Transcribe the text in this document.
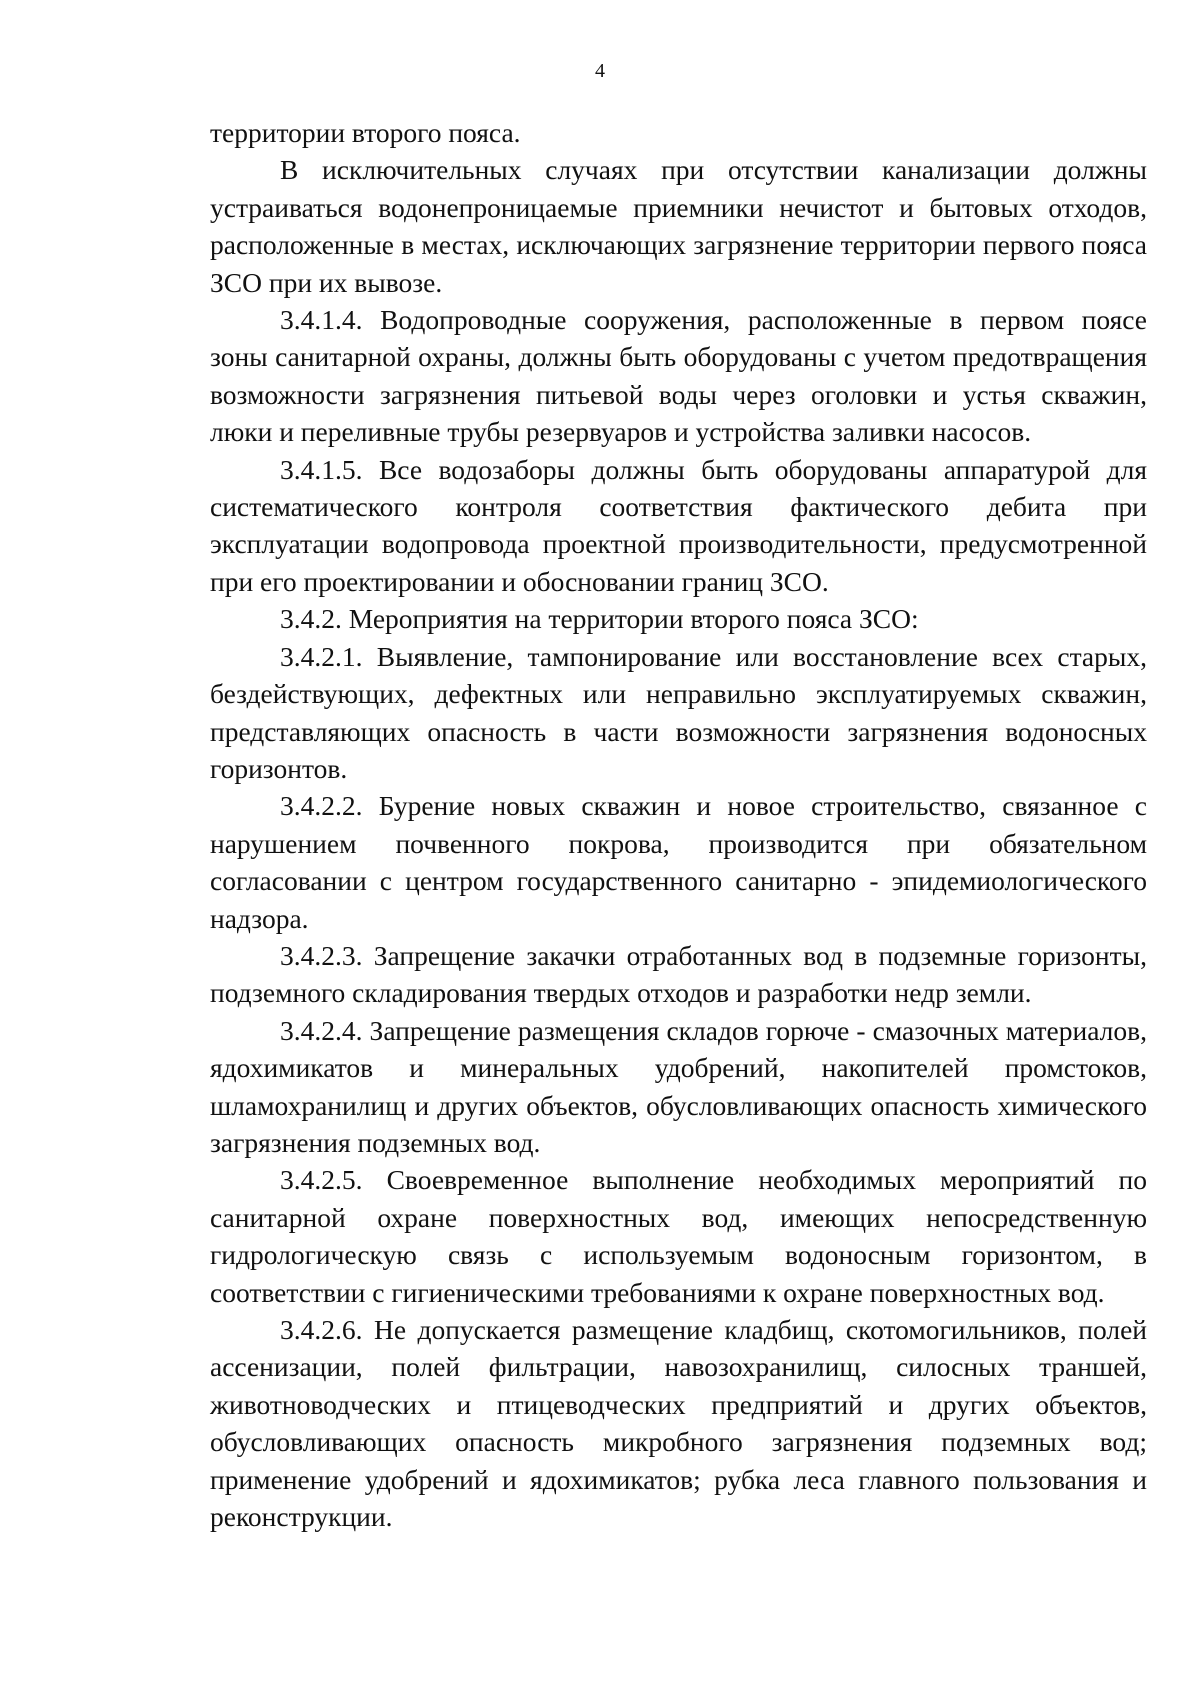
4

территории второго пояса.

В исключительных случаях при отсутствии канализации должны устраиваться водонепроницаемые приемники нечистот и бытовых отходов, расположенные в местах, исключающих загрязнение территории первого пояса ЗСО при их вывозе.

3.4.1.4. Водопроводные сооружения, расположенные в первом поясе зоны санитарной охраны, должны быть оборудованы с учетом предотвращения возможности загрязнения питьевой воды через оголовки и устья скважин, люки и переливные трубы резервуаров и устройства заливки насосов.

3.4.1.5. Все водозаборы должны быть оборудованы аппаратурой для систематического контроля соответствия фактического дебита при эксплуатации водопровода проектной производительности, предусмотренной при его проектировании и обосновании границ ЗСО.

3.4.2. Мероприятия на территории второго пояса ЗСО:

3.4.2.1. Выявление, тампонирование или восстановление всех старых, бездействующих, дефектных или неправильно эксплуатируемых скважин, представляющих опасность в части возможности загрязнения водоносных горизонтов.

3.4.2.2. Бурение новых скважин и новое строительство, связанное с нарушением почвенного покрова, производится при обязательном согласовании с центром государственного санитарно - эпидемиологического надзора.

3.4.2.3. Запрещение закачки отработанных вод в подземные горизонты, подземного складирования твердых отходов и разработки недр земли.

3.4.2.4. Запрещение размещения складов горюче - смазочных материалов, ядохимикатов и минеральных удобрений, накопителей промстоков, шламохранилищ и других объектов, обусловливающих опасность химического загрязнения подземных вод.

3.4.2.5. Своевременное выполнение необходимых мероприятий по санитарной охране поверхностных вод, имеющих непосредственную гидрологическую связь с используемым водоносным горизонтом, в соответствии с гигиеническими требованиями к охране поверхностных вод.

3.4.2.6. Не допускается размещение кладбищ, скотомогильников, полей ассенизации, полей фильтрации, навозохранилищ, силосных траншей, животноводческих и птицеводческих предприятий и других объектов, обусловливающих опасность микробного загрязнения подземных вод; применение удобрений и ядохимикатов; рубка леса главного пользования и реконструкции.
